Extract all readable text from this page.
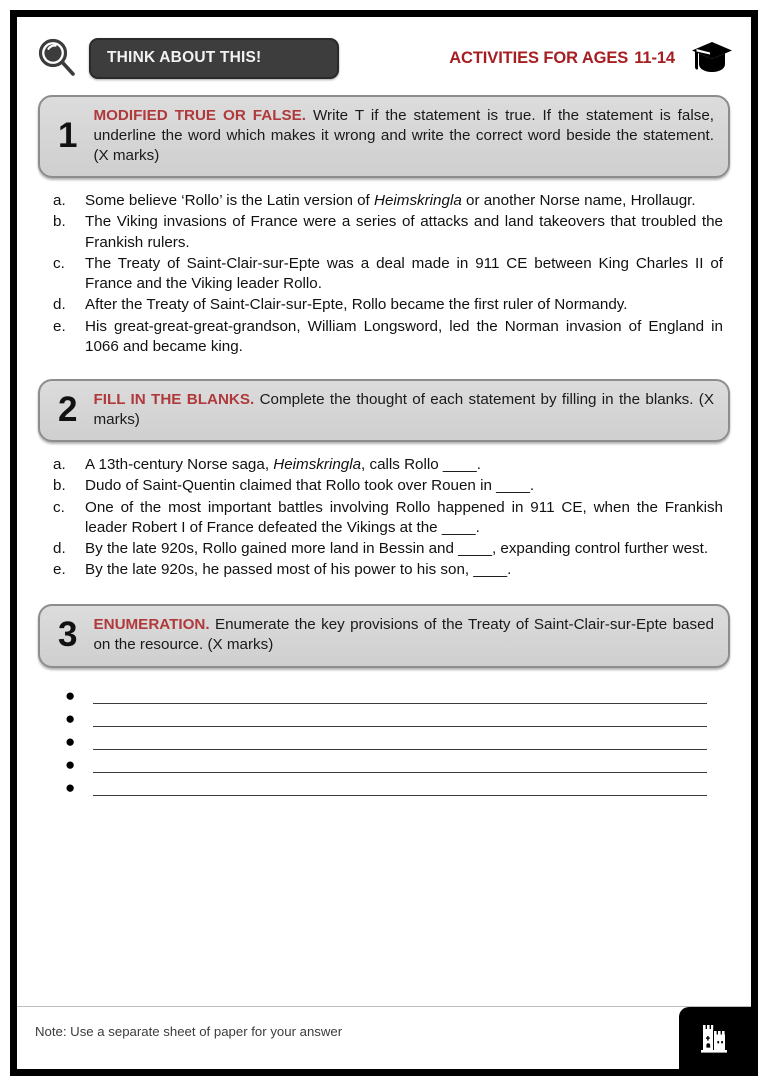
THINK ABOUT THIS!	ACTIVITIES FOR AGES 11-14
1
MODIFIED TRUE OR FALSE. Write T if the statement is true. If the statement is false, underline the word which makes it wrong and write the correct word beside the statement. (X marks)
a.	Some believe ‘Rollo’ is the Latin version of Heimskringla or another Norse name, Hrollaugr.
b.	The Viking invasions of France were a series of attacks and land takeovers that troubled the Frankish rulers.
c.	The Treaty of Saint-Clair-sur-Epte was a deal made in 911 CE between King Charles II of France and the Viking leader Rollo.
d.	After the Treaty of Saint-Clair-sur-Epte, Rollo became the first ruler of Normandy.
e.	His great-great-great-grandson, William Longsword, led the Norman invasion of England in 1066 and became king.
2 FILL IN THE BLANKS. Complete the thought of each statement by filling in the blanks. (X marks)
a.	A 13th-century Norse saga, Heimskringla, calls Rollo ____.
b.	Dudo of Saint-Quentin claimed that Rollo took over Rouen in ____.
c.	One of the most important battles involving Rollo happened in 911 CE, when the Frankish leader Robert I of France defeated the Vikings at the ____.
d.	By the late 920s, Rollo gained more land in Bessin and ____, expanding control further west.
e.	By the late 920s, he passed most of his power to his son, ____.
3 ENUMERATION. Enumerate the key provisions of the Treaty of Saint-Clair-sur-Epte based on the resource. (X marks)
●
●
●
●
●
Note: Use a separate sheet of paper for your answer
